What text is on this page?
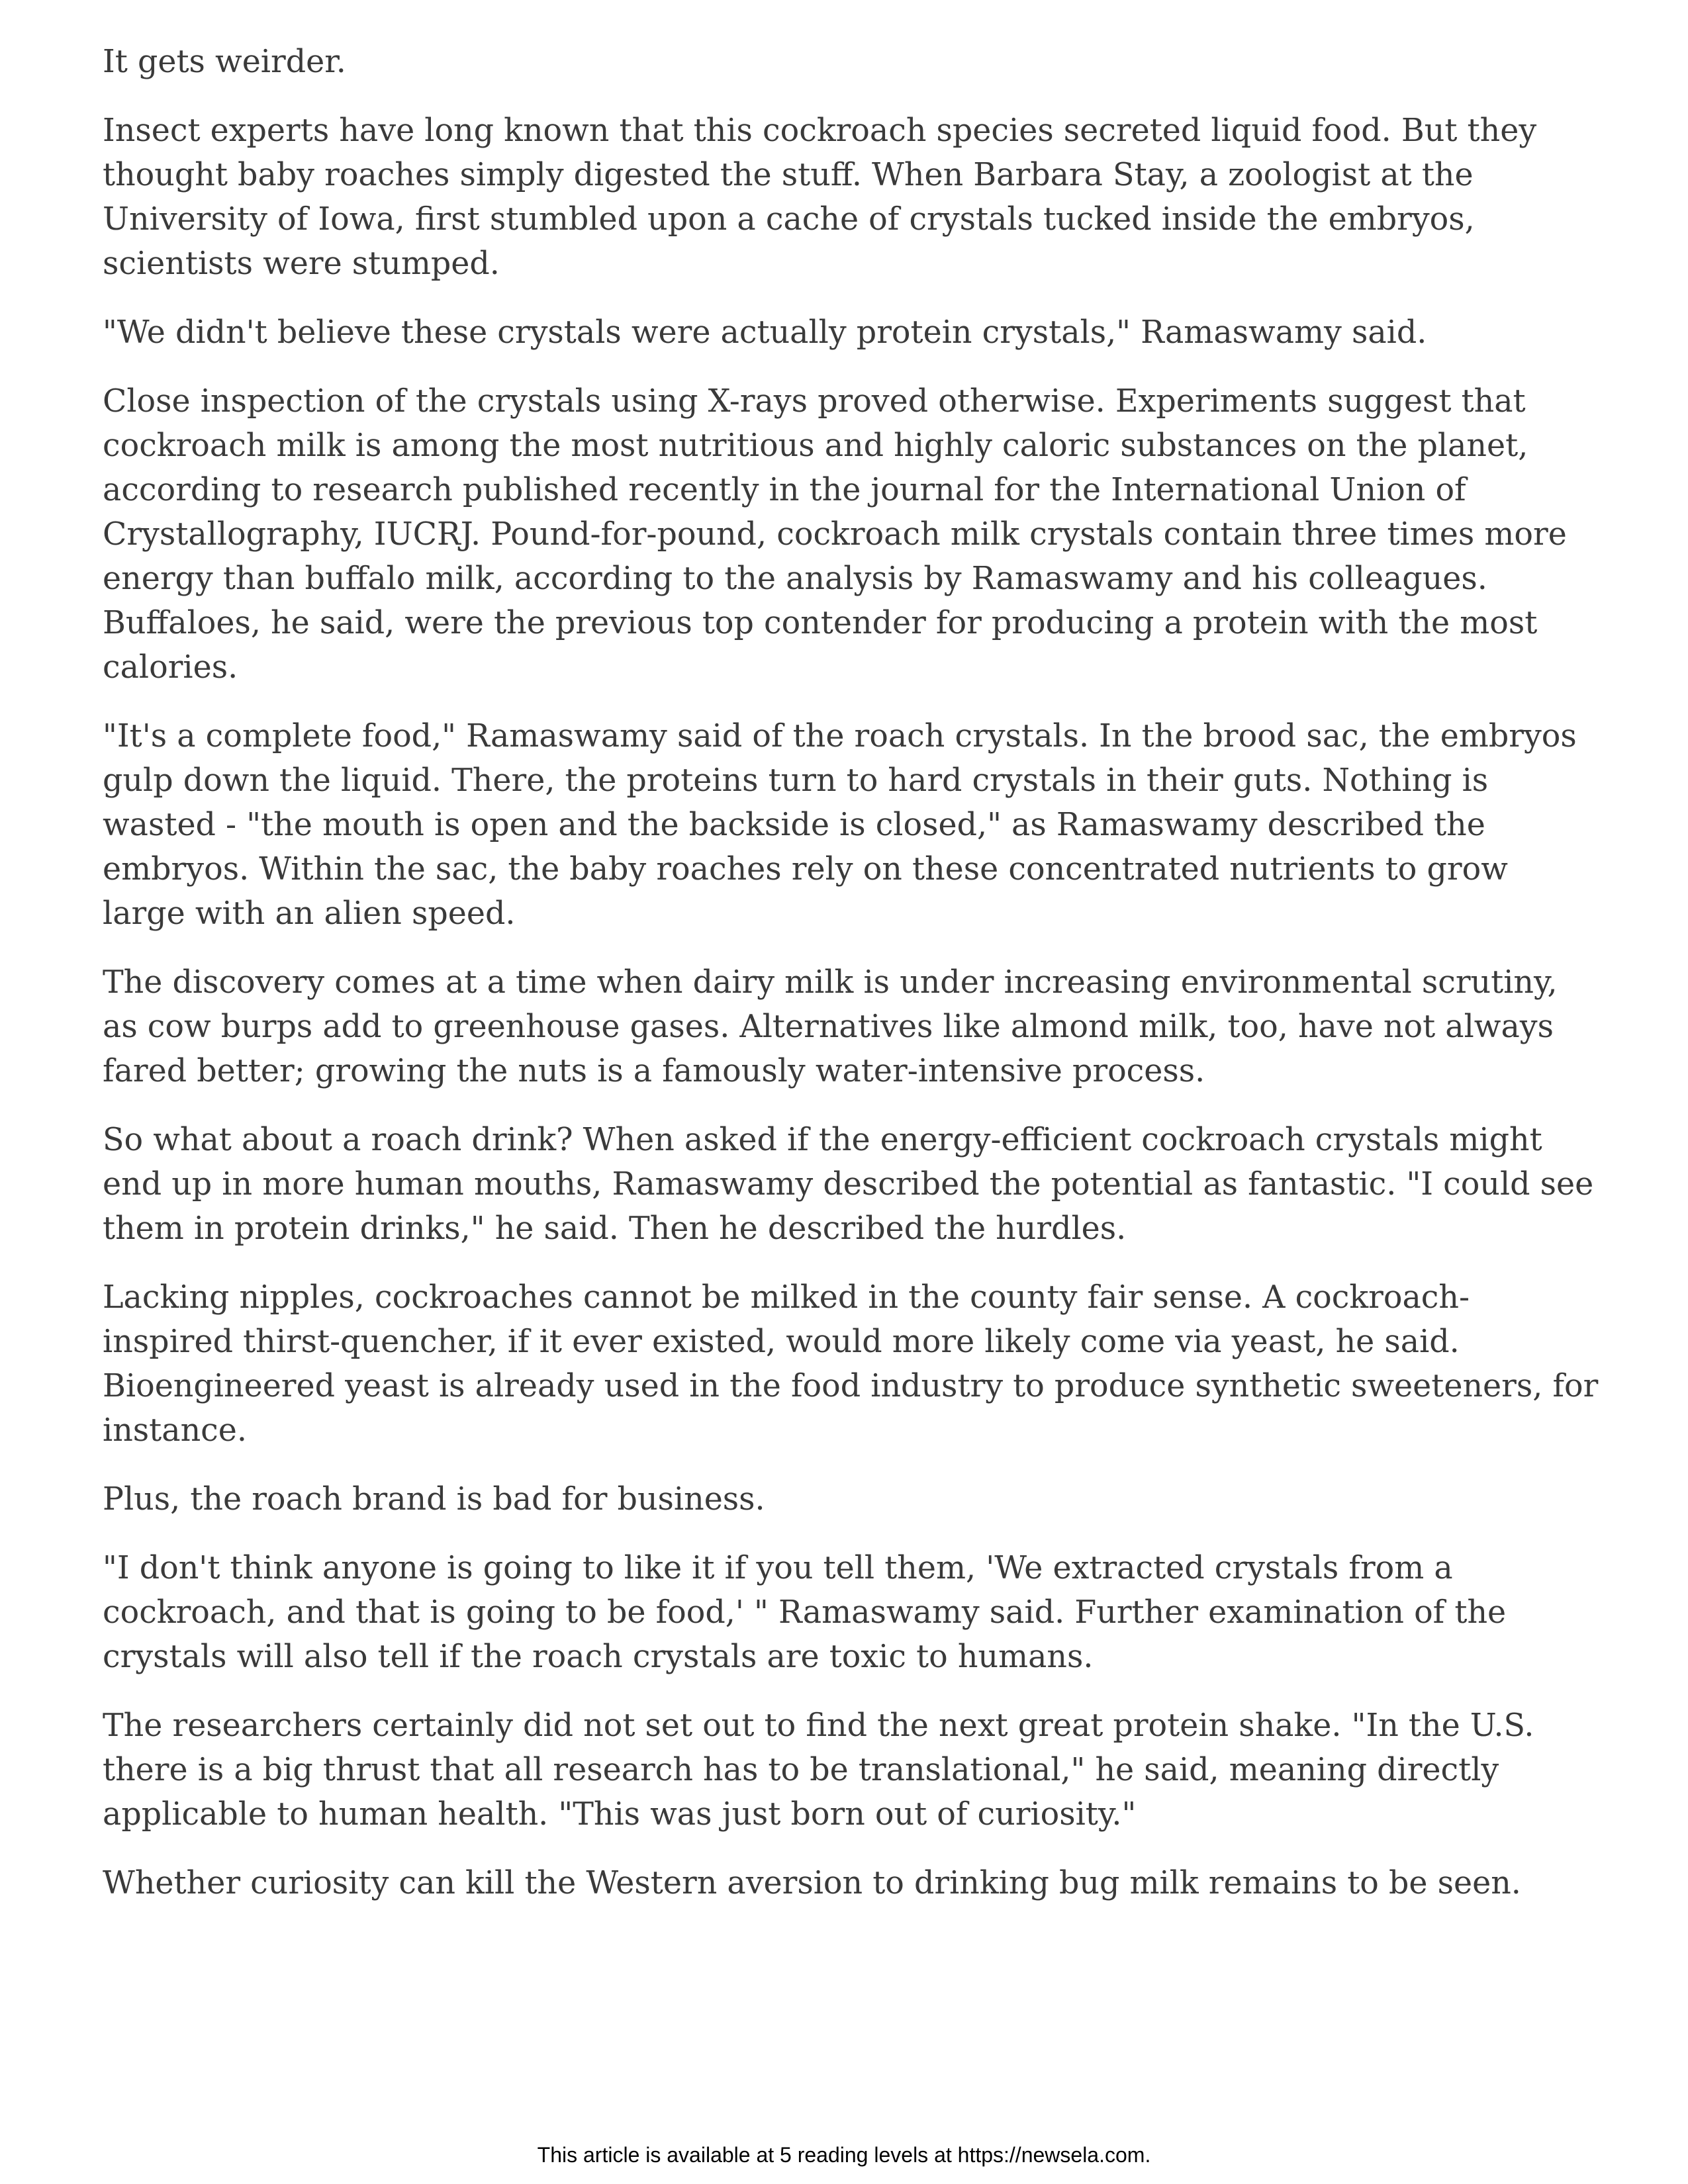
It gets weirder.

Insect experts have long known that this cockroach species secreted liquid food. But they thought baby roaches simply digested the stuff. When Barbara Stay, a zoologist at the University of Iowa, first stumbled upon a cache of crystals tucked inside the embryos, scientists were stumped.

"We didn't believe these crystals were actually protein crystals," Ramaswamy said.

Close inspection of the crystals using X-rays proved otherwise. Experiments suggest that cockroach milk is among the most nutritious and highly caloric substances on the planet, according to research published recently in the journal for the International Union of Crystallography, IUCRJ. Pound-for-pound, cockroach milk crystals contain three times more energy than buffalo milk, according to the analysis by Ramaswamy and his colleagues. Buffaloes, he said, were the previous top contender for producing a protein with the most calories.

"It's a complete food," Ramaswamy said of the roach crystals. In the brood sac, the embryos gulp down the liquid. There, the proteins turn to hard crystals in their guts. Nothing is wasted - "the mouth is open and the backside is closed," as Ramaswamy described the embryos. Within the sac, the baby roaches rely on these concentrated nutrients to grow large with an alien speed.

The discovery comes at a time when dairy milk is under increasing environmental scrutiny, as cow burps add to greenhouse gases. Alternatives like almond milk, too, have not always fared better; growing the nuts is a famously water-intensive process.

So what about a roach drink? When asked if the energy-efficient cockroach crystals might end up in more human mouths, Ramaswamy described the potential as fantastic. "I could see them in protein drinks," he said. Then he described the hurdles.

Lacking nipples, cockroaches cannot be milked in the county fair sense. A cockroach-inspired thirst-quencher, if it ever existed, would more likely come via yeast, he said. Bioengineered yeast is already used in the food industry to produce synthetic sweeteners, for instance.

Plus, the roach brand is bad for business.

"I don't think anyone is going to like it if you tell them, 'We extracted crystals from a cockroach, and that is going to be food,' " Ramaswamy said. Further examination of the crystals will also tell if the roach crystals are toxic to humans.

The researchers certainly did not set out to find the next great protein shake. "In the U.S. there is a big thrust that all research has to be translational," he said, meaning directly applicable to human health. "This was just born out of curiosity."

Whether curiosity can kill the Western aversion to drinking bug milk remains to be seen.

This article is available at 5 reading levels at https://newsela.com.
